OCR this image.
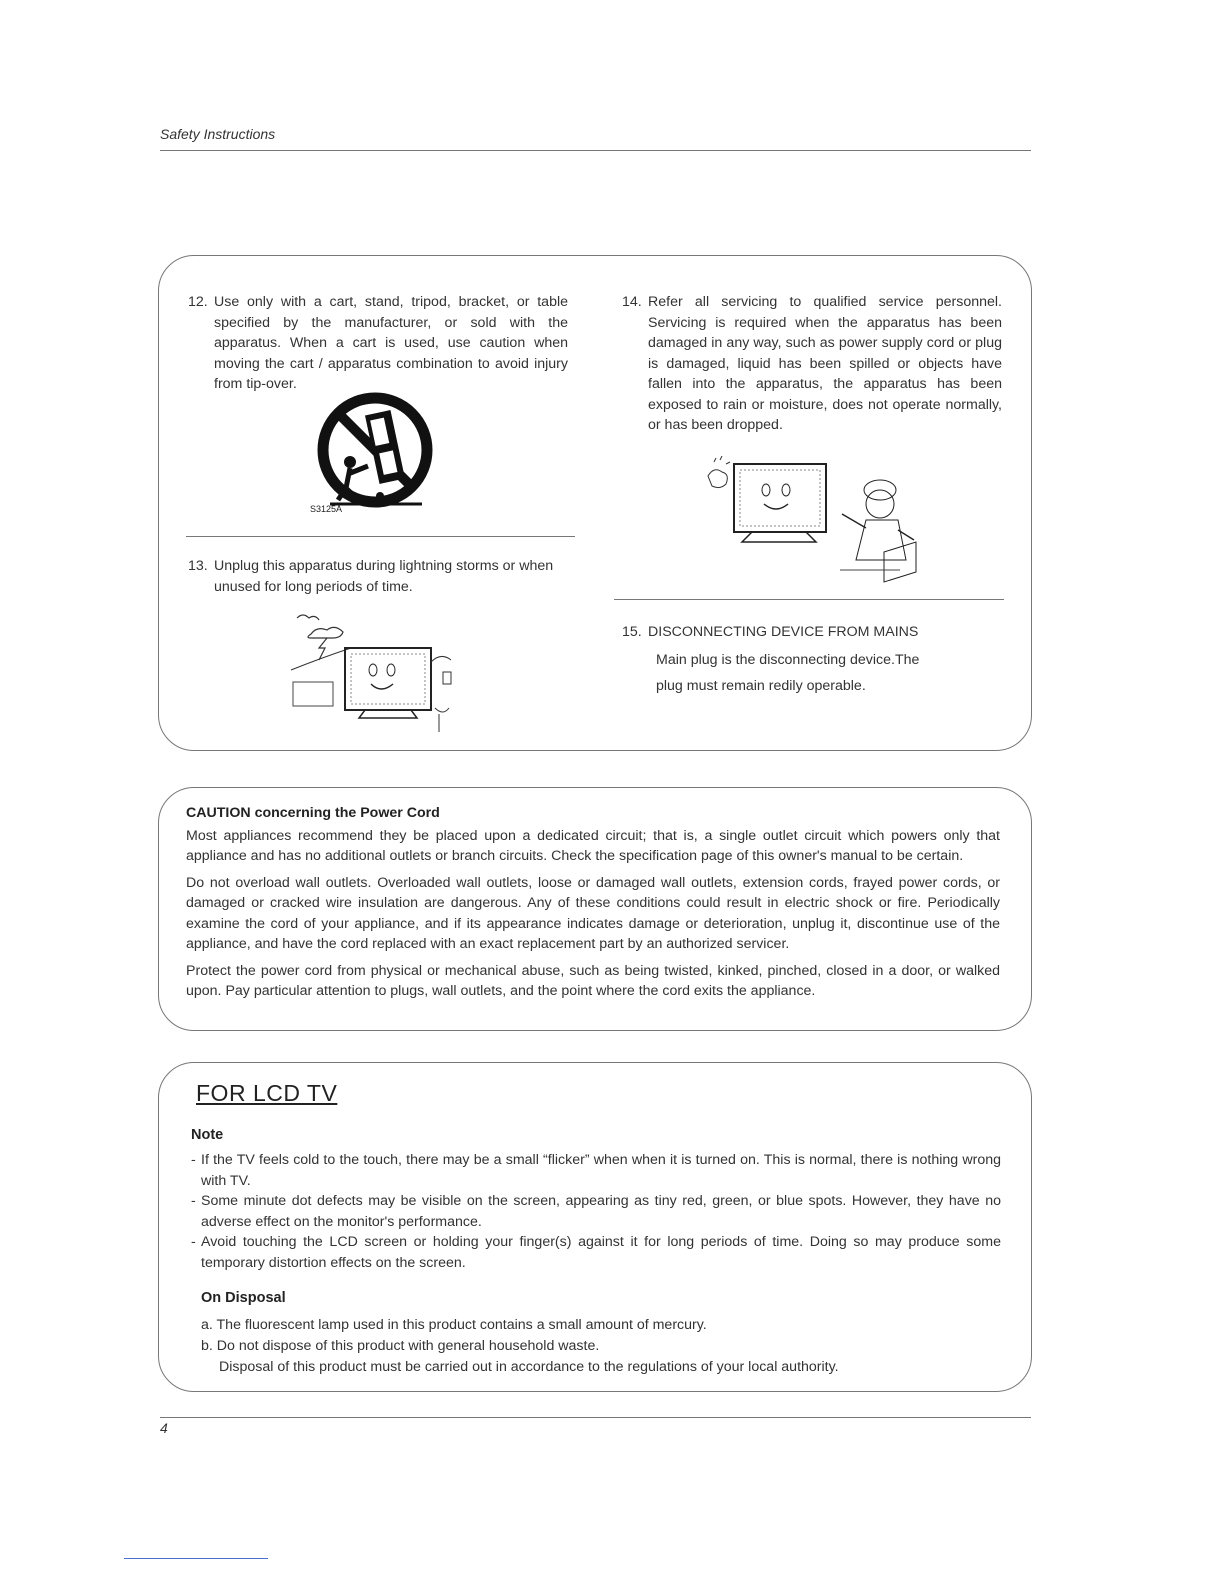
Safety Instructions
12. Use only with a cart, stand, tripod, bracket, or table specified by the manufacturer, or sold with the apparatus. When a cart is used, use caution when moving the cart / apparatus combination to avoid injury from tip-over.
S3125A
13. Unplug this apparatus during lightning storms or when unused for long periods of time.
14. Refer all servicing to qualified service personnel. Servicing is required when the apparatus has been damaged in any way, such as power supply cord or plug is damaged, liquid has been spilled or objects have fallen into the apparatus, the apparatus has been exposed to rain or moisture, does not operate normally, or has been dropped.
15. DISCONNECTING DEVICE FROM MAINS
Main plug is the disconnecting device.The
plug must remain redily operable.
CAUTION concerning the Power Cord

Most appliances recommend they be placed upon a dedicated circuit; that is, a single outlet circuit which powers only that appliance and has no additional outlets or branch circuits. Check the specification page of this owner's manual to be certain.

Do not overload wall outlets. Overloaded wall outlets, loose or damaged wall outlets, extension cords, frayed power cords, or damaged or cracked wire insulation are dangerous. Any of these conditions could result in electric shock or fire. Periodically examine the cord of your appliance, and if its appearance indicates damage or deterioration, unplug it, discontinue use of the appliance, and have the cord replaced with an exact replacement part by an authorized servicer.

Protect the power cord from physical or mechanical abuse, such as being twisted, kinked, pinched, closed in a door, or walked upon. Pay particular attention to plugs, wall outlets, and the point where the cord exits the appliance.

FOR LCD TV
Note
- If the TV feels cold to the touch, there may be a small “flicker” when when it is turned on. This is normal, there is nothing wrong with TV.
- Some minute dot defects may be visible on the screen, appearing as tiny red, green, or blue spots. However, they have no adverse effect on the monitor's performance.
- Avoid touching the LCD screen or holding your finger(s) against it for long periods of time. Doing so may produce some temporary distortion effects on the screen.
On Disposal
a. The fluorescent lamp used in this product contains a small amount of mercury.
b. Do not dispose of this product with general household waste.
Disposal of this product must be carried out in accordance to the regulations of your local authority.
4
